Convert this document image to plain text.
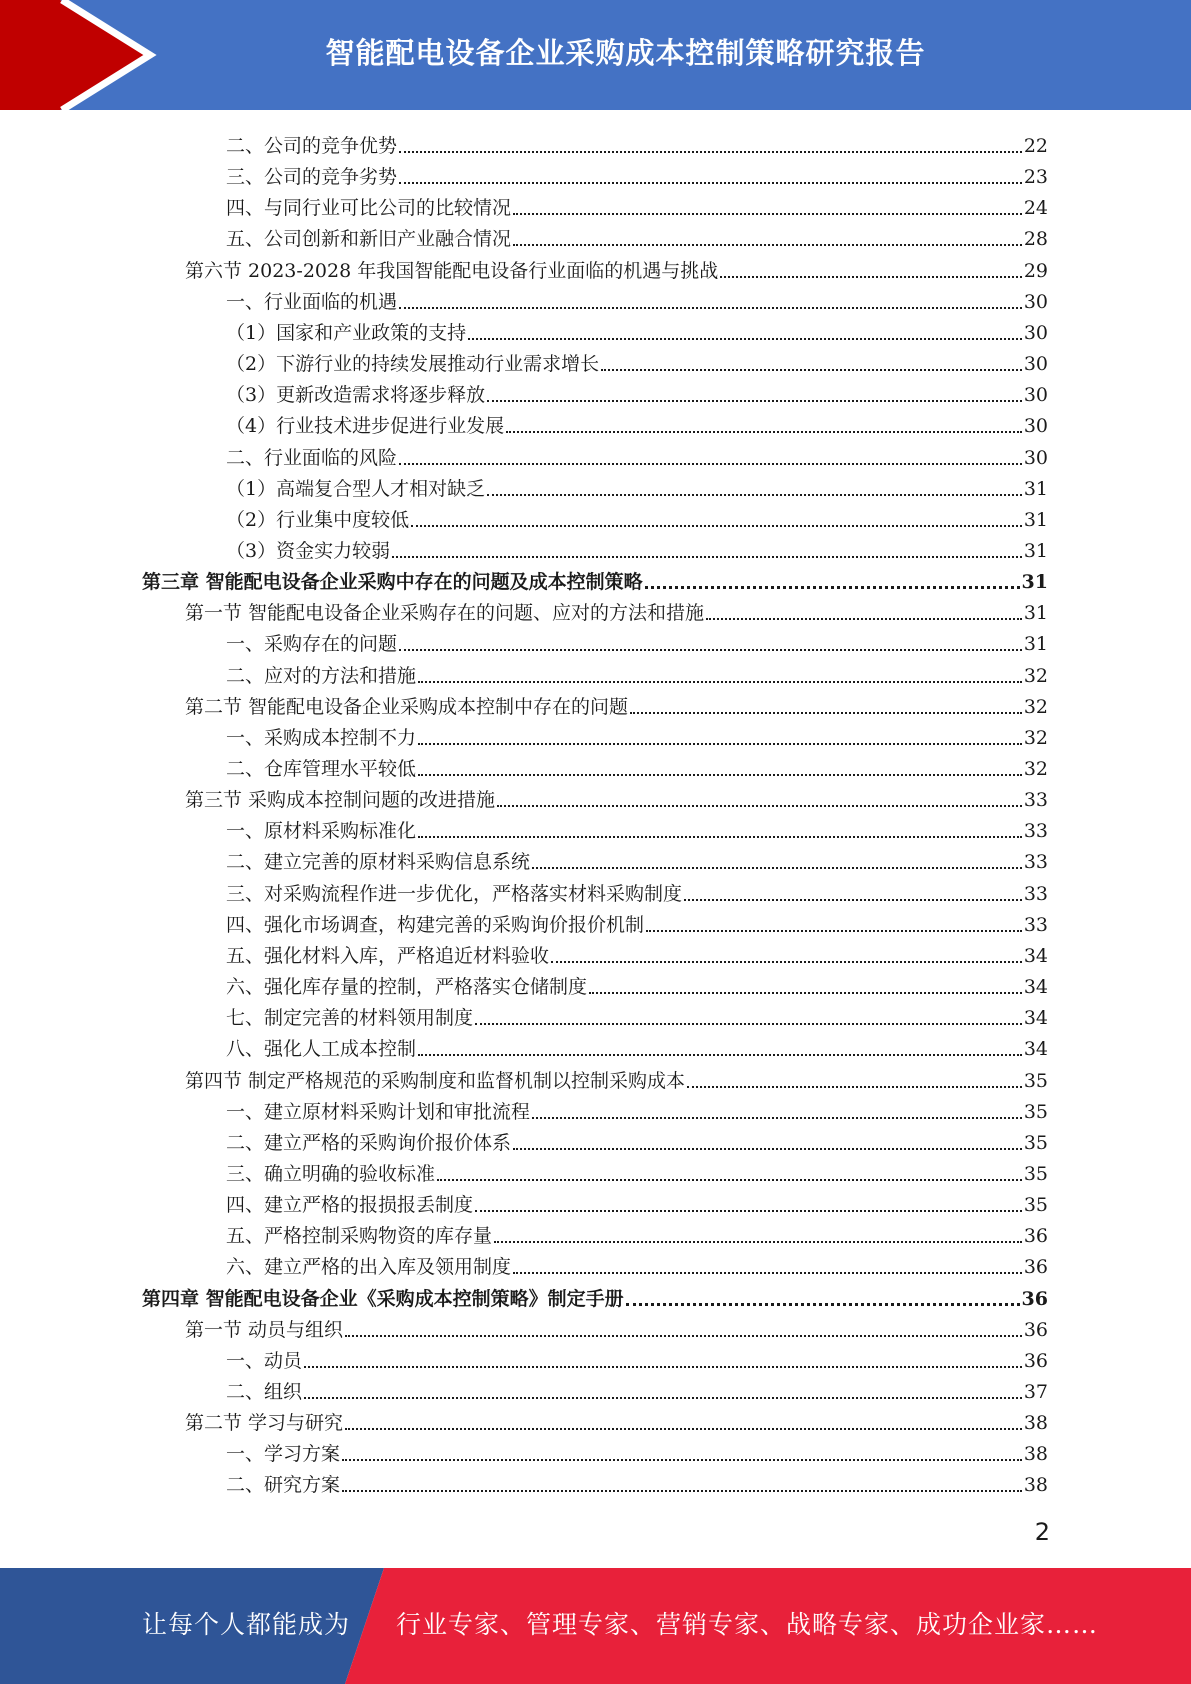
智能配电设备企业采购成本控制策略研究报告
二、公司的竞争优势	22
三、公司的竞争劣势	23
四、与同行业可比公司的比较情况	24
五、公司创新和新旧产业融合情况	28
第六节 2023-2028 年我国智能配电设备行业面临的机遇与挑战	29
一、行业面临的机遇	30
（1）国家和产业政策的支持	30
（2）下游行业的持续发展推动行业需求增长	30
（3）更新改造需求将逐步释放	30
（4）行业技术进步促进行业发展	30
二、行业面临的风险	30
（1）高端复合型人才相对缺乏	31
（2）行业集中度较低	31
（3）资金实力较弱	31
第三章 智能配电设备企业采购中存在的问题及成本控制策略	31
第一节 智能配电设备企业采购存在的问题、应对的方法和措施	31
一、采购存在的问题	31
二、应对的方法和措施	32
第二节 智能配电设备企业采购成本控制中存在的问题	32
一、采购成本控制不力	32
二、仓库管理水平较低	32
第三节 采购成本控制问题的改进措施	33
一、原材料采购标准化	33
二、建立完善的原材料采购信息系统	33
三、对采购流程作进一步优化，严格落实材料采购制度	33
四、强化市场调查，构建完善的采购询价报价机制	33
五、强化材料入库，严格追近材料验收	34
六、强化库存量的控制，严格落实仓储制度	34
七、制定完善的材料领用制度	34
八、强化人工成本控制	34
第四节 制定严格规范的采购制度和监督机制以控制采购成本	35
一、建立原材料采购计划和审批流程	35
二、建立严格的采购询价报价体系	35
三、确立明确的验收标准	35
四、建立严格的报损报丢制度	35
五、严格控制采购物资的库存量	36
六、建立严格的出入库及领用制度	36
第四章 智能配电设备企业《采购成本控制策略》制定手册	36
第一节 动员与组织	36
一、动员	36
二、组织	37
第二节 学习与研究	38
一、学习方案	38
二、研究方案	38
2
让每个人都能成为 行业专家、管理专家、营销专家、战略专家、成功企业家……
